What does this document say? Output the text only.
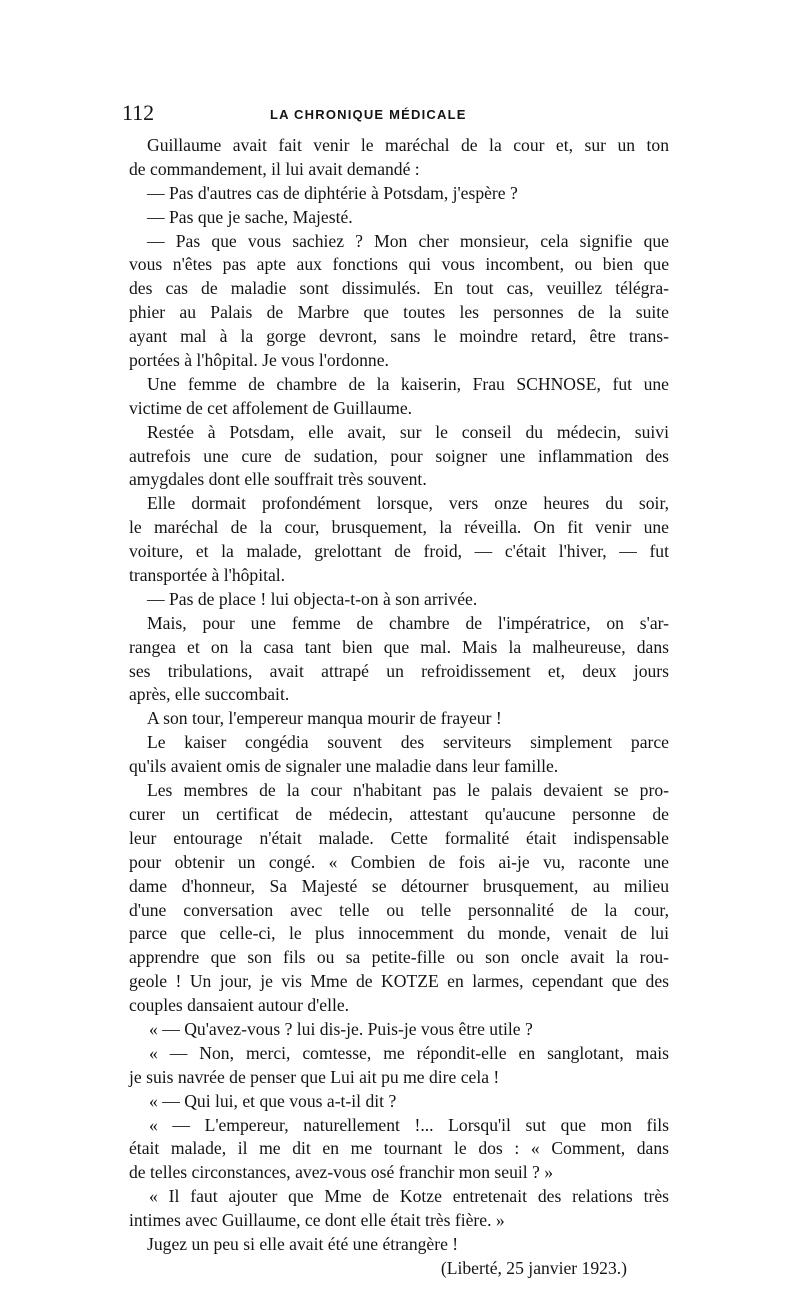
112	LA CHRONIQUE MÉDICALE
Guillaume avait fait venir le maréchal de la cour et, sur un ton
de commandement, il lui avait demandé :
— Pas d'autres cas de diphtérie à Potsdam, j'espère ?
— Pas que je sache, Majesté.
— Pas que vous sachiez ? Mon cher monsieur, cela signifie que
vous n'êtes pas apte aux fonctions qui vous incombent, ou bien que
des cas de maladie sont dissimulés. En tout cas, veuillez télégra-
phier au Palais de Marbre que toutes les personnes de la suite
ayant mal à la gorge devront, sans le moindre retard, être trans-
portées à l'hôpital. Je vous l'ordonne.
Une femme de chambre de la kaiserin, Frau SCHNOSE, fut une
victime de cet affolement de Guillaume.
Restée à Potsdam, elle avait, sur le conseil du médecin, suivi
autrefois une cure de sudation, pour soigner une inflammation des
amygdales dont elle souffrait très souvent.
Elle dormait profondément lorsque, vers onze heures du soir,
le maréchal de la cour, brusquement, la réveilla. On fit venir une
voiture, et la malade, grelottant de froid, — c'était l'hiver, — fut
transportée à l'hôpital.
— Pas de place ! lui objecta-t-on à son arrivée.
Mais, pour une femme de chambre de l'impératrice, on s'ar-
rangea et on la casa tant bien que mal. Mais la malheureuse, dans
ses tribulations, avait attrapé un refroidissement et, deux jours
après, elle succombait.
A son tour, l'empereur manqua mourir de frayeur !
Le kaiser congédia souvent des serviteurs simplement parce
qu'ils avaient omis de signaler une maladie dans leur famille.
Les membres de la cour n'habitant pas le palais devaient se pro-
curer un certificat de médecin, attestant qu'aucune personne de
leur entourage n'était malade. Cette formalité était indispensable
pour obtenir un congé. « Combien de fois ai-je vu, raconte une
dame d'honneur, Sa Majesté se détourner brusquement, au milieu
d'une conversation avec telle ou telle personnalité de la cour,
parce que celle-ci, le plus innocemment du monde, venait de lui
apprendre que son fils ou sa petite-fille ou son oncle avait la rou-
geole ! Un jour, je vis Mme de KOTZE en larmes, cependant que des
couples dansaient autour d'elle.
« — Qu'avez-vous ? lui dis-je. Puis-je vous être utile ?
« — Non, merci, comtesse, me répondit-elle en sanglotant, mais
je suis navrée de penser que Lui ait pu me dire cela !
« — Qui lui, et que vous a-t-il dit ?
« — L'empereur, naturellement !... Lorsqu'il sut que mon fils
était malade, il me dit en me tournant le dos : « Comment, dans
de telles circonstances, avez-vous osé franchir mon seuil ? »
« Il faut ajouter que Mme de Kotze entretenait des relations très
intimes avec Guillaume, ce dont elle était très fière. »
Jugez un peu si elle avait été une étrangère !
(Liberté, 25 janvier 1923.)
